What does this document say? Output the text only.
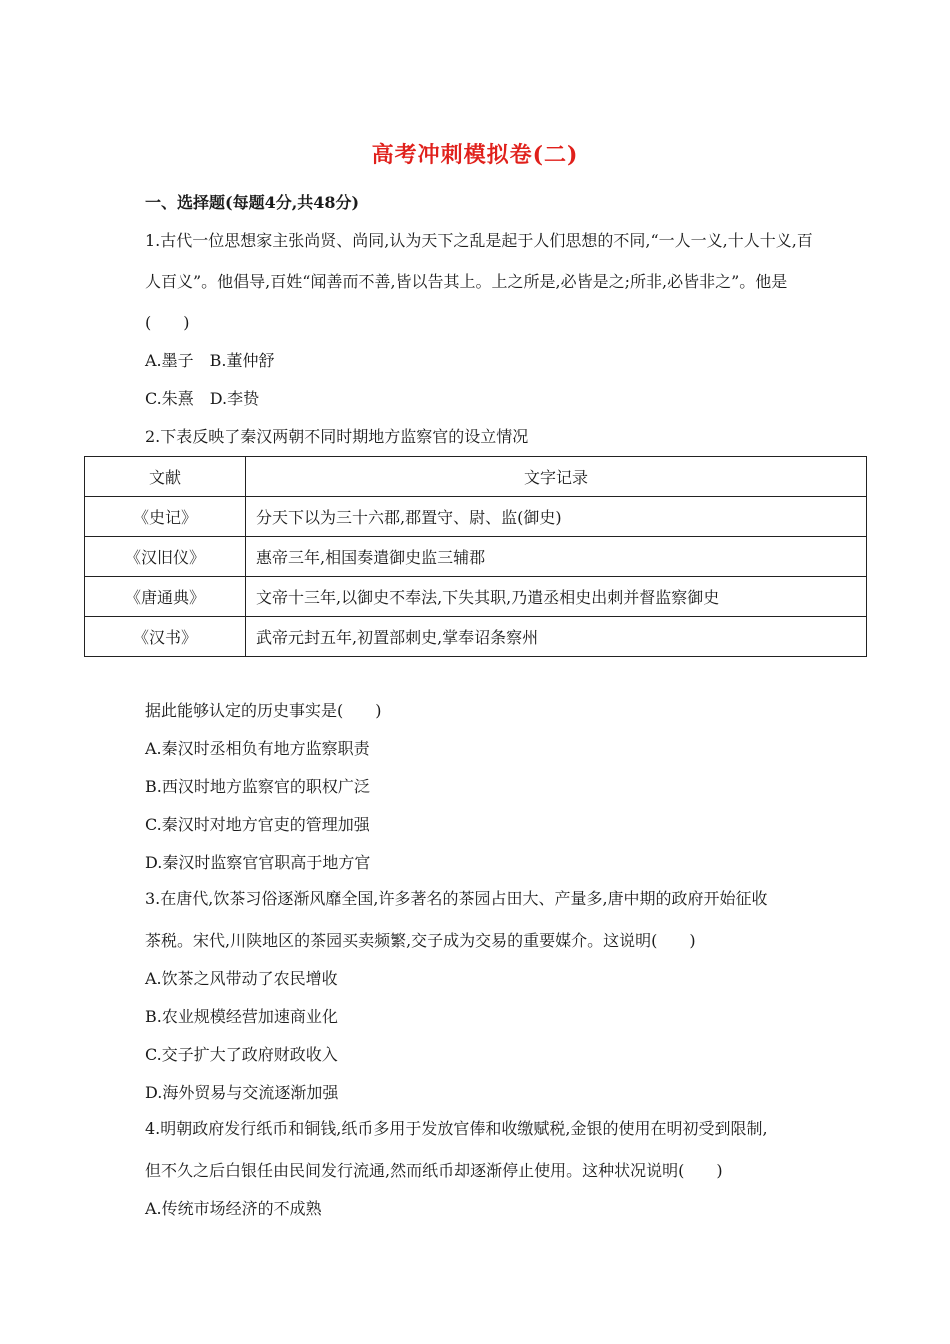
高考冲刺模拟卷(二)
一、选择题(每题4分,共48分)
1.古代一位思想家主张尚贤、尚同,认为天下之乱是起于人们思想的不同,“一人一义,十人十义,百人百义”。他倡导,百姓“闻善而不善,皆以告其上。上之所是,必皆是之;所非,必皆非之”。他是(　　)
A.墨子　B.董仲舒
C.朱熹　D.李贽
2.下表反映了秦汉两朝不同时期地方监察官的设立情况
文献	文字记录
《史记》	分天下以为三十六郡,郡置守、尉、监(御史)
《汉旧仪》	惠帝三年,相国奏遣御史监三辅郡
《唐通典》	文帝十三年,以御史不奉法,下失其职,乃遣丞相史出刺并督监察御史
《汉书》	武帝元封五年,初置部刺史,掌奉诏条察州
据此能够认定的历史事实是(　　)
A.秦汉时丞相负有地方监察职责
B.西汉时地方监察官的职权广泛
C.秦汉时对地方官吏的管理加强
D.秦汉时监察官官职高于地方官
3.在唐代,饮茶习俗逐渐风靡全国,许多著名的茶园占田大、产量多,唐中期的政府开始征收
茶税。宋代,川陕地区的茶园买卖频繁,交子成为交易的重要媒介。这说明(　　)
A.饮茶之风带动了农民增收
B.农业规模经营加速商业化
C.交子扩大了政府财政收入
D.海外贸易与交流逐渐加强
4.明朝政府发行纸币和铜钱,纸币多用于发放官俸和收缴赋税,金银的使用在明初受到限制,
但不久之后白银任由民间发行流通,然而纸币却逐渐停止使用。这种状况说明(　　)
A.传统市场经济的不成熟
